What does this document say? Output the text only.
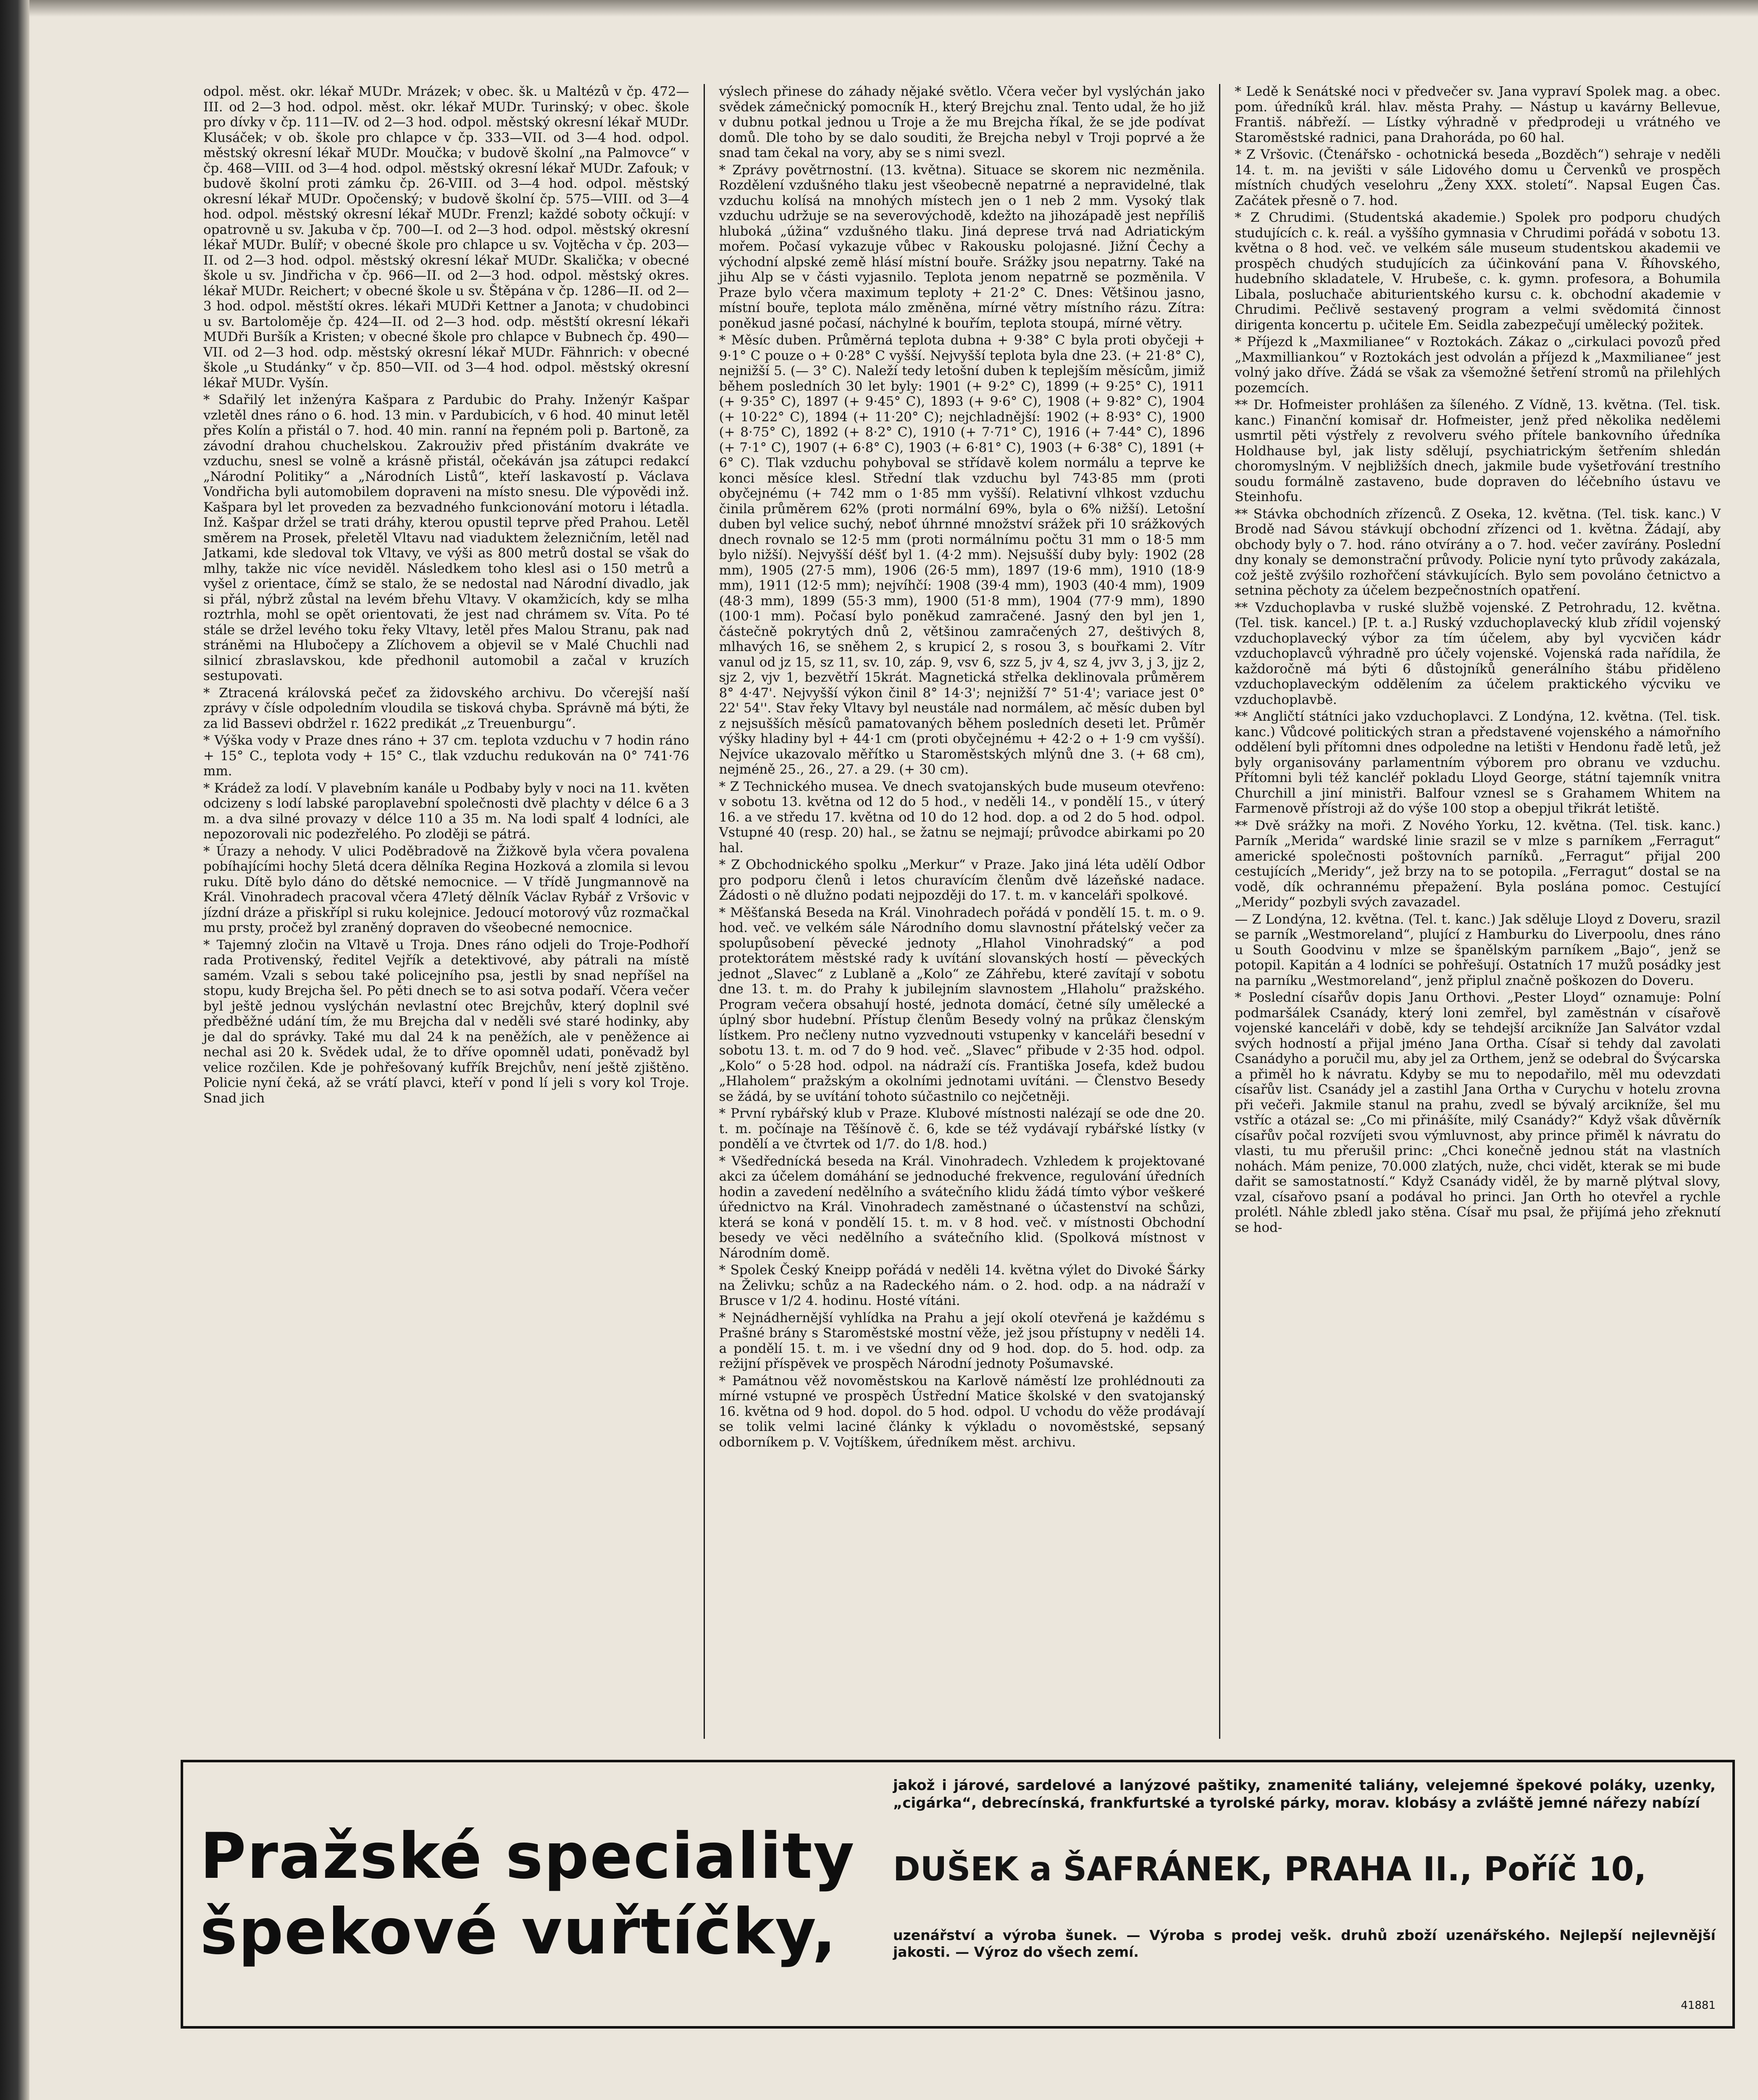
odpol. měst. okr. lékař MUDr. Mrázek; v obec. šk. u Maltézů v čp. 472—III. od 2—3 hod. odpol. měst. okr. lékař MUDr. Turinský; v obec. škole pro dívky v čp. 111—IV. od 2—3 hod. odpol. městský okresní lékař MUDr. Klusáček; v ob. škole pro chlapce v čp. 333—VII. od 3—4 hod. odpol. městský okresní lékař MUDr. Moučka; v budově školní „na Palmovce“ v čp. 468—VIII. od 3—4 hod. odpol. městský okresní lékař MUDr. Zafouk; v budově školní proti zámku čp. 26-VIII. od 3—4 hod. odpol. městský okresní lékař MUDr. Opočenský; v budově školní čp. 575—VIII. od 3—4 hod. odpol. městský okresní lékař MUDr. Frenzl; každé soboty očkují: v opatrovně u sv. Jakuba v čp. 700—I. od 2—3 hod. odpol. městský okresní lékař MUDr. Bulíř; v obecné škole pro chlapce u sv. Vojtěcha v čp. 203—II. od 2—3 hod. odpol. městský okresní lékař MUDr. Skalička; v obecné škole u sv. Jindřicha v čp. 966—II. od 2—3 hod. odpol. městský okres. lékař MUDr. Reichert; v obecné škole u sv. Štěpána v čp. 1286—II. od 2—3 hod. odpol. městští okres. lékaři MUDři Kettner a Janota; v chudobinci u sv. Bartoloměje čp. 424—II. od 2—3 hod. odp. městští okresní lékaři MUDři Buršík a Kristen; v obecné škole pro chlapce v Bubnech čp. 490—VII. od 2—3 hod. odp. městský okresní lékař MUDr. Fähnrich: v obecné škole „u Studánky“ v čp. 850—VII. od 3—4 hod. odpol. městský okresní lékař MUDr. Vyšín.

* Sdařilý let inženýra Kašpara z Pardubic do Prahy. Inženýr Kašpar vzletěl dnes ráno o 6. hod. 13 min. v Pardubicích, v 6 hod. 40 minut letěl přes Kolín a přistál o 7. hod. 40 min. ranní na řepném poli p. Bartoně, za závodní drahou chuchelskou. Zakrouživ před přistáním dvakráte ve vzduchu, snesl se volně a krásně přistál, očekáván jsa zátupci redakcí „Národní Politiky“ a „Národních Listů“, kteří laskavostí p. Václava Vondřicha byli automobilem dopraveni na místo snesu. Dle výpovědi inž. Kašpara byl let proveden za bezvadného funkcionování motoru i létadla. Inž. Kašpar držel se trati dráhy, kterou opustil teprve před Prahou. Letěl směrem na Prosek, přeletěl Vltavu nad viaduktem železničním, letěl nad Jatkami, kde sledoval tok Vltavy, ve výši as 800 metrů dostal se však do mlhy, takže nic více neviděl. Následkem toho klesl asi o 150 metrů a vyšel z orientace, čímž se stalo, že se nedostal nad Národní divadlo, jak si přál, nýbrž zůstal na levém břehu Vltavy. V okamžicích, kdy se mlha roztrhla, mohl se opět orientovati, že jest nad chrámem sv. Víta. Po té stále se držel levého toku řeky Vltavy, letěl přes Malou Stranu, pak nad stráněmi na Hlubočepy a Zlíchovem a objevil se v Malé Chuchli nad silnicí zbraslavskou, kde předhonil automobil a začal v kruzích sestupovati.

* Ztracená královská pečeť za židovského archivu. Do včerejší naší zprávy v čísle odpoledním vloudila se tisková chyba. Správně má býti, že za lid Bassevi obdržel r. 1622 predikát „z Treuenburgu“.

* Výška vody v Praze dnes ráno + 37 cm. teplota vzduchu v 7 hodin ráno + 15° C., teplota vody + 15° C., tlak vzduchu redukován na 0° 741·76 mm.

* Krádež za lodí. V plavebním kanále u Podbaby byly v noci na 11. květen odcizeny s lodí labské paroplavební společnosti dvě plachty v délce 6 a 3 m. a dva silné provazy v délce 110 a 35 m. Na lodi spalť 4 lodníci, ale nepozorovali nic podezřelého. Po zloději se pátrá.

* Úrazy a nehody. V ulici Poděbradově na Žižkově byla včera povalena pobíhajícími hochy 5letá dcera dělníka Regina Hozková a zlomila si levou ruku. Dítě bylo dáno do dětské nemocnice. — V třídě Jungmannově na Král. Vinohradech pracoval včera 47letý dělník Václav Rybář z Vršovic v jízdní dráze a přiskřípl si ruku kolejnice. Jedoucí motorový vůz rozmačkal mu prsty, pročež byl zraněný dopraven do všeobecné nemocnice.

* Tajemný zločin na Vltavě u Troja. Dnes ráno odjeli do Troje-Podhoří rada Protivenský, ředitel Vejřík a detektivové, aby pátrali na místě samém. Vzali s sebou také policejního psa, jestli by snad nepříšel na stopu, kudy Brejcha šel. Po pěti dnech se to asi sotva podaří. Včera večer byl ještě jednou vyslýchán nevlastní otec Brejchův, který doplnil své předběžné udání tím, že mu Brejcha dal v neděli své staré hodinky, aby je dal do správky. Také mu dal 24 k na peněžích, ale v peněžence ai nechal asi 20 k. Svědek udal, že to dříve opomněl udati, poněvadž byl velice rozčilen. Kde je pohřešovaný kufřík Brejchův, není ještě zjištěno. Policie nyní čeká, až se vrátí plavci, kteří v pond lí jeli s vory kol Troje. Snad jich

výslech přinese do záhady nějaké světlo. Včera večer byl vyslýchán jako svědek zámečnický pomocník H., který Brejchu znal. Tento udal, že ho již v dubnu potkal jednou u Troje a že mu Brejcha říkal, že se jde podívat domů. Dle toho by se dalo souditi, že Brejcha nebyl v Troji poprvé a že snad tam čekal na vory, aby se s nimi svezl.

* Zprávy povětrnostní. (13. května). Situace se skorem nic nezměnila. Rozdělení vzdušného tlaku jest všeobecně nepatrné a nepravidelné, tlak vzduchu kolísá na mnohých místech jen o 1 neb 2 mm. Vysoký tlak vzduchu udržuje se na severovýchodě, kdežto na jihozápadě jest nepříliš hluboká „úžina“ vzdušného tlaku. Jiná deprese trvá nad Adriatickým mořem. Počasí vykazuje vůbec v Rakousku polojasné. Jižní Čechy a východní alpské země hlásí místní bouře. Srážky jsou nepatrny. Také na jihu Alp se v části vyjasnilo. Teplota jenom nepatrně se pozměnila. V Praze bylo včera maximum teploty + 21·2° C. Dnes: Většinou jasno, místní bouře, teplota málo změněna, mírné větry místního rázu. Zítra: poněkud jasné počasí, náchylné k bouřím, teplota stoupá, mírné větry.

* Měsíc duben. Průměrná teplota dubna + 9·38° C byla proti obyčeji + 9·1° C pouze o + 0·28° C vyšší. Nejvyšší teplota byla dne 23. (+ 21·8° C), nejnižší 5. (— 3° C). Naleží tedy letošní duben k teplejším měsícům, jimiž během posledních 30 let byly: 1901 (+ 9·2° C), 1899 (+ 9·25° C), 1911 (+ 9·35° C), 1897 (+ 9·45° C), 1893 (+ 9·6° C), 1908 (+ 9·82° C), 1904 (+ 10·22° C), 1894 (+ 11·20° C); nejchladnější: 1902 (+ 8·93° C), 1900 (+ 8·75° C), 1892 (+ 8·2° C), 1910 (+ 7·71° C), 1916 (+ 7·44° C), 1896 (+ 7·1° C), 1907 (+ 6·8° C), 1903 (+ 6·81° C), 1903 (+ 6·38° C), 1891 (+ 6° C). Tlak vzduchu pohyboval se střídavě kolem normálu a teprve ke konci měsíce klesl. Střední tlak vzduchu byl 743·85 mm (proti obyčejnému (+ 742 mm o 1·85 mm vyšší). Relativní vlhkost vzduchu činila průměrem 62% (proti normální 69%, byla o 6% nižší). Letošní duben byl velice suchý, neboť úhrnné množství srážek při 10 srážkových dnech rovnalo se 12·5 mm (proti normálnímu počtu 31 mm o 18·5 mm bylo nižší). Nejvyšší déšť byl 1. (4·2 mm). Nejsušší duby byly: 1902 (28 mm), 1905 (27·5 mm), 1906 (26·5 mm), 1897 (19·6 mm), 1910 (18·9 mm), 1911 (12·5 mm); nejvíhčí: 1908 (39·4 mm), 1903 (40·4 mm), 1909 (48·3 mm), 1899 (55·3 mm), 1900 (51·8 mm), 1904 (77·9 mm), 1890 (100·1 mm). Počasí bylo poněkud zamračené. Jasný den byl jen 1, částečně pokrytých dnů 2, většinou zamračených 27, deštivých 8, mlhavých 16, se sněhem 2, s krupicí 2, s rosou 3, s bouřkami 2. Vítr vanul od jz 15, sz 11, sv. 10, záp. 9, vsv 6, szz 5, jv 4, sz 4, jvv 3, j 3, jjz 2, sjz 2, vjv 1, bezvětří 15krát. Magnetická střelka deklinovala průměrem 8° 4·47'. Nejvyšší výkon činil 8° 14·3'; nejnižší 7° 51·4'; variace jest 0° 22' 54''. Stav řeky Vltavy byl neustále nad normálem, ač měsíc duben byl z nejsušších měsíců pamatovaných během posledních deseti let. Průměr výšky hladiny byl + 44·1 cm (proti obyčejnému + 42·2 o + 1·9 cm vyšší). Nejvíce ukazovalo měřítko u Staroměstských mlýnů dne 3. (+ 68 cm), nejméně 25., 26., 27. a 29. (+ 30 cm).

* Z Technického musea. Ve dnech svatojanských bude museum otevřeno: v sobotu 13. května od 12 do 5 hod., v neděli 14., v pondělí 15., v úterý 16. a ve středu 17. května od 10 do 12 hod. dop. a od 2 do 5 hod. odpol. Vstupné 40 (resp. 20) hal., se žatnu se nejmají; průvodce abirkami po 20 hal.

* Z Obchodnického spolku „Merkur“ v Praze. Jako jiná léta udělí Odbor pro podporu členů i letos churavícím členům dvě lázeňské nadace. Žádosti o ně dlužno podati nejpozději do 17. t. m. v kanceláři spolkové.

* Měšťanská Beseda na Král. Vinohradech pořádá v pondělí 15. t. m. o 9. hod. več. ve velkém sále Národního domu slavnostní přátelský večer za spolupůsobení pěvecké jednoty „Hlahol Vinohradský“ a pod protektorátem městské rady k uvítání slovanských hostí — pěveckých jednot „Slavec“ z Lublaně a „Kolo“ ze Záhřebu, které zavítají v sobotu dne 13. t. m. do Prahy k jubilejním slavnostem „Hlaholu“ pražského. Program večera obsahují hosté, jednota domácí, četné síly umělecké a úplný sbor hudební. Přístup členům Besedy volný na průkaz členským lístkem. Pro nečleny nutno vyzvednouti vstupenky v kanceláři besední v sobotu 13. t. m. od 7 do 9 hod. več. „Slavec“ přibude v 2·35 hod. odpol. „Kolo“ o 5·28 hod. odpol. na nádraží cís. Františka Josefa, kdež budou „Hlaholem“ pražským a okolními jednotami uvítáni. — Členstvo Besedy se žádá, by se uvítání tohoto súčastnilo co nejčetněji.

* První rybářský klub v Praze. Klubové místnosti nalézají se ode dne 20. t. m. počínaje na Těšínově č. 6, kde se též vydávají rybářské lístky (v pondělí a ve čtvrtek od 1/7. do 1/8. hod.)

* Všedřednícká beseda na Král. Vinohradech. Vzhledem k projektované akci za účelem domáhání se jednoduché frekvence, regulování úředních hodin a zavedení nedělního a svátečního klidu žádá tímto výbor veškeré úřednictvo na Král. Vinohradech zaměstnané o účastenství na schůzi, která se koná v pondělí 15. t. m. v 8 hod. več. v místnosti Obchodní besedy ve věci nedělního a svátečního klid. (Spolková místnost v Národním domě.

* Spolek Český Kneipp pořádá v neděli 14. května výlet do Divoké Šárky na Želivku; schůz a na Radeckého nám. o 2. hod. odp. a na nádraží v Brusce v 1/2 4. hodinu. Hosté vítáni.

* Nejnádhernější vyhlídka na Prahu a její okolí otevřená je každému s Prašné brány s Staroměstské mostní věže, jež jsou přístupny v neděli 14. a pondělí 15. t. m. i ve všední dny od 9 hod. dop. do 5. hod. odp. za režijní příspěvek ve prospěch Národní jednoty Pošumavské.

* Památnou věž novoměstskou na Karlově náměstí lze prohlédnouti za mírné vstupné ve prospěch Ústřední Matice školské v den svatojanský 16. května od 9 hod. dopol. do 5 hod. odpol. U vchodu do věže prodávají se tolik velmi laciné články k výkladu o novoměstské, sepsaný odborníkem p. V. Vojtíškem, úředníkem měst. archivu.

* Ledě k Senátské noci v předvečer sv. Jana vypraví Spolek mag. a obec. pom. úředníků král. hlav. města Prahy. — Nástup u kavárny Bellevue, Františ. nábřeží. — Lístky výhradně v předprodeji u vrátného ve Staroměstské radnici, pana Drahoráda, po 60 hal.

* Z Vršovic. (Čtenářsko - ochotnická beseda „Bozděch“) sehraje v neděli 14. t. m. na jevišti v sále Lidového domu u Červenků ve prospěch místních chudých veselohru „Ženy XXX. století“. Napsal Eugen Čas. Začátek přesně o 7. hod.

* Z Chrudimi. (Studentská akademie.) Spolek pro podporu chudých studujících c. k. reál. a vyššího gymnasia v Chrudimi pořádá v sobotu 13. května o 8 hod. več. ve velkém sále museum studentskou akademii ve prospěch chudých studujících za účinkování pana V. Říhovského, hudebního skladatele, V. Hrubeše, c. k. gymn. profesora, a Bohumila Libala, posluchače abiturientského kursu c. k. obchodní akademie v Chrudimi. Pečlivě sestavený program a velmi svědomitá činnost dirigenta koncertu p. učitele Em. Seidla zabezpečují umělecký požitek.

* Příjezd k „Maxmilianee“ v Roztokách. Zákaz o „cirkulaci povozů před „Maxmilliankou“ v Roztokách jest odvolán a příjezd k „Maxmilianee“ jest volný jako dříve. Žádá se však za všemožné šetření stromů na přilehlých pozemcích.

** Dr. Hofmeister prohlášen za šíleného. Z Vídně, 13. května. (Tel. tisk. kanc.) Finanční komisař dr. Hofmeister, jenž před několika nedělemi usmrtil pěti výstřely z revolveru svého přítele bankovního úředníka Holdhause byl, jak listy sdělují, psychiatrickým šetřením shledán choromyslným. V nejbližších dnech, jakmile bude vyšetřování trestního soudu formálně zastaveno, bude dopraven do léčebního ústavu ve Steinhofu.

** Stávka obchodních zřízenců. Z Oseka, 12. května. (Tel. tisk. kanc.) V Brodě nad Sávou stávkují obchodní zřízenci od 1. května. Žádají, aby obchody byly o 7. hod. ráno otvírány a o 7. hod. večer zavírány. Poslední dny konaly se demonstrační průvody. Policie nyní tyto průvody zakázala, což ještě zvýšilo rozhořčení stávkujících. Bylo sem povoláno četnictvo a setnina pěchoty za účelem bezpečnostních opatření.

** Vzduchoplavba v ruské službě vojenské. Z Petrohradu, 12. května. (Tel. tisk. kancel.) [P. t. a.] Ruský vzduchoplavecký klub zřídil vojenský vzduchoplavecký výbor za tím účelem, aby byl vycvičen kádr vzduchoplavců výhradně pro účely vojenské. Vojenská rada nařídila, že každoročně má býti 6 důstojníků generálního štábu přiděleno vzduchoplaveckým oddělením za účelem praktického výcviku ve vzduchoplavbě.

** Angličtí státníci jako vzduchoplavci. Z Londýna, 12. května. (Tel. tisk. kanc.) Vůdcové politických stran a představené vojenského a námořního oddělení byli přítomni dnes odpoledne na letišti v Hendonu řadě letů, jež byly organisovány parlamentním výborem pro obranu ve vzduchu. Přítomni byli též kancléř pokladu Lloyd George, státní tajemník vnitra Churchill a jiní ministři. Balfour vznesl se s Grahamem Whitem na Farmenově přístroji až do výše 100 stop a obepjul třikrát letiště.

** Dvě srážky na moři. Z Nového Yorku, 12. května. (Tel. tisk. kanc.) Parník „Merida“ wardské linie srazil se v mlze s parníkem „Ferragut“ americké společnosti poštovních parníků. „Ferragut“ přijal 200 cestujících „Meridy“, jež brzy na to se potopila. „Ferragut“ dostal se na vodě, dík ochrannému přepažení. Byla poslána pomoc. Cestující „Meridy“ pozbyli svých zavazadel.

— Z Londýna, 12. května. (Tel. t. kanc.) Jak sděluje Lloyd z Doveru, srazil se parník „Westmoreland“, plující z Hamburku do Liverpoolu, dnes ráno u South Goodvinu v mlze se španělským parníkem „Bajo“, jenž se potopil. Kapitán a 4 lodníci se pohřešují. Ostatních 17 mužů posádky jest na parníku „Westmoreland“, jenž připlul značně poškozen do Doveru.

* Poslední císařův dopis Janu Orthovi. „Pester Lloyd“ oznamuje: Polní podmaršálek Csanády, který loni zemřel, byl zaměstnán v císařově vojenské kanceláři v době, kdy se tehdejší arcikníže Jan Salvátor vzdal svých hodností a přijal jméno Jana Ortha. Císař si tehdy dal zavolati Csanádyho a poručil mu, aby jel za Orthem, jenž se odebral do Švýcarska a přiměl ho k návratu. Kdyby se mu to nepodařilo, měl mu odevzdati císařův list. Csanády jel a zastihl Jana Ortha v Curychu v hotelu zrovna při večeři. Jakmile stanul na prahu, zvedl se bývalý arcikníže, šel mu vstříc a otázal se: „Co mi přinášíte, milý Csanády?“ Když však důvěrník císařův počal rozvíjeti svou výmluvnost, aby prince přiměl k návratu do vlasti, tu mu přerušil princ: „Chci konečně jednou stát na vlastních nohách. Mám penize, 70.000 zlatých, nuže, chci vidět, kterak se mi bude dařit se samostatností.“ Když Csanády viděl, že by marně plýtval slovy, vzal, císařovo psaní a podával ho princi. Jan Orth ho otevřel a rychle prolétl. Náhle zbledl jako stěna. Císař mu psal, že přijímá jeho zřeknutí se hod-

Pražské speciality
špekové vuřtíčky,
jakož i járové, sardelové a lanýzové paštiky, znamenité taliány, velejemné špekové poláky, uzenky, „cigárka“, debrecínská, frankfurtské a tyrolské párky, morav. klobásy a zvláště jemné nářezy nabízí
DUŠEK a ŠAFRÁNEK, PRAHA II., Poříč 10,
uzenářství a výroba šunek. — Výroba s prodej vešk. druhů zboží uzenářského. Nejlepší nejlevnější jakosti. — Výroz do všech zemí.
41881
